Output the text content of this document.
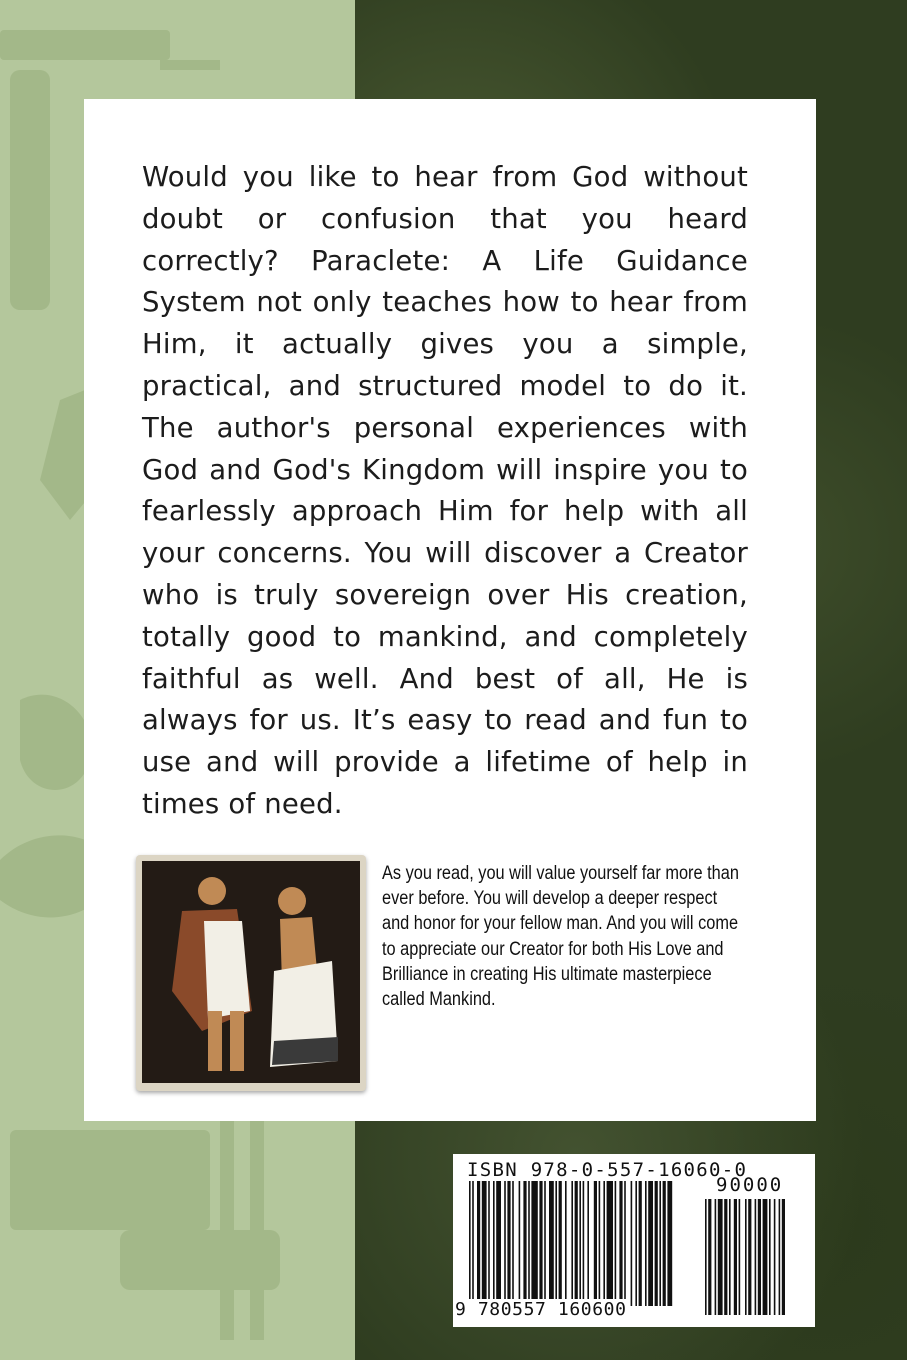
Would you like to hear from God without doubt or confusion that you heard correctly? Paraclete: A Life Guidance System not only teaches how to hear from Him, it actually gives you a simple, practical, and structured model to do it. The author's personal experiences with God and God's Kingdom will inspire you to fearlessly approach Him for help with all your concerns. You will discover a Creator who is truly sovereign over His creation, totally good to mankind, and completely faithful as well. And best of all, He is always for us. It’s easy to read and fun to use and will provide a lifetime of help in times of need.
As you read, you will value yourself far more than ever before. You will develop a deeper respect and honor for your fellow man. And you will come to appreciate our Creator for both His Love and Brilliance in creating His ultimate masterpiece called Mankind.
ISBN 978-0-557-16060-0
90000
9 780557 160600
